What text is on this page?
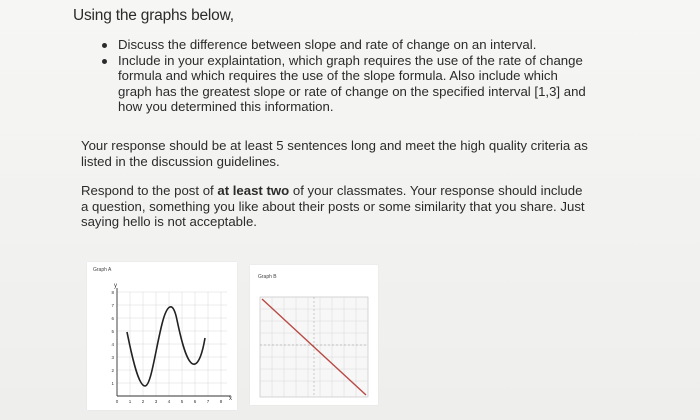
Using the graphs below,
Discuss the difference between slope and rate of change on an interval.
Include in your explaintation, which graph requires the use of the rate of change formula and which requires the use of the slope formula. Also include which graph has the greatest slope or rate of change on the specified interval [1,3] and how you determined this information.

Your response should be at least 5 sentences long and meet the high quality criteria as listed in the discussion guidelines.

Respond to the post of at least two of your classmates. Your response should include a question, something you like about their posts or some similarity that you share. Just saying hello is not acceptable.

Graph A
y
x
1
2
3
4
5
6
7
8
0 1 2 3 4 5 6 7 8
Graph B
